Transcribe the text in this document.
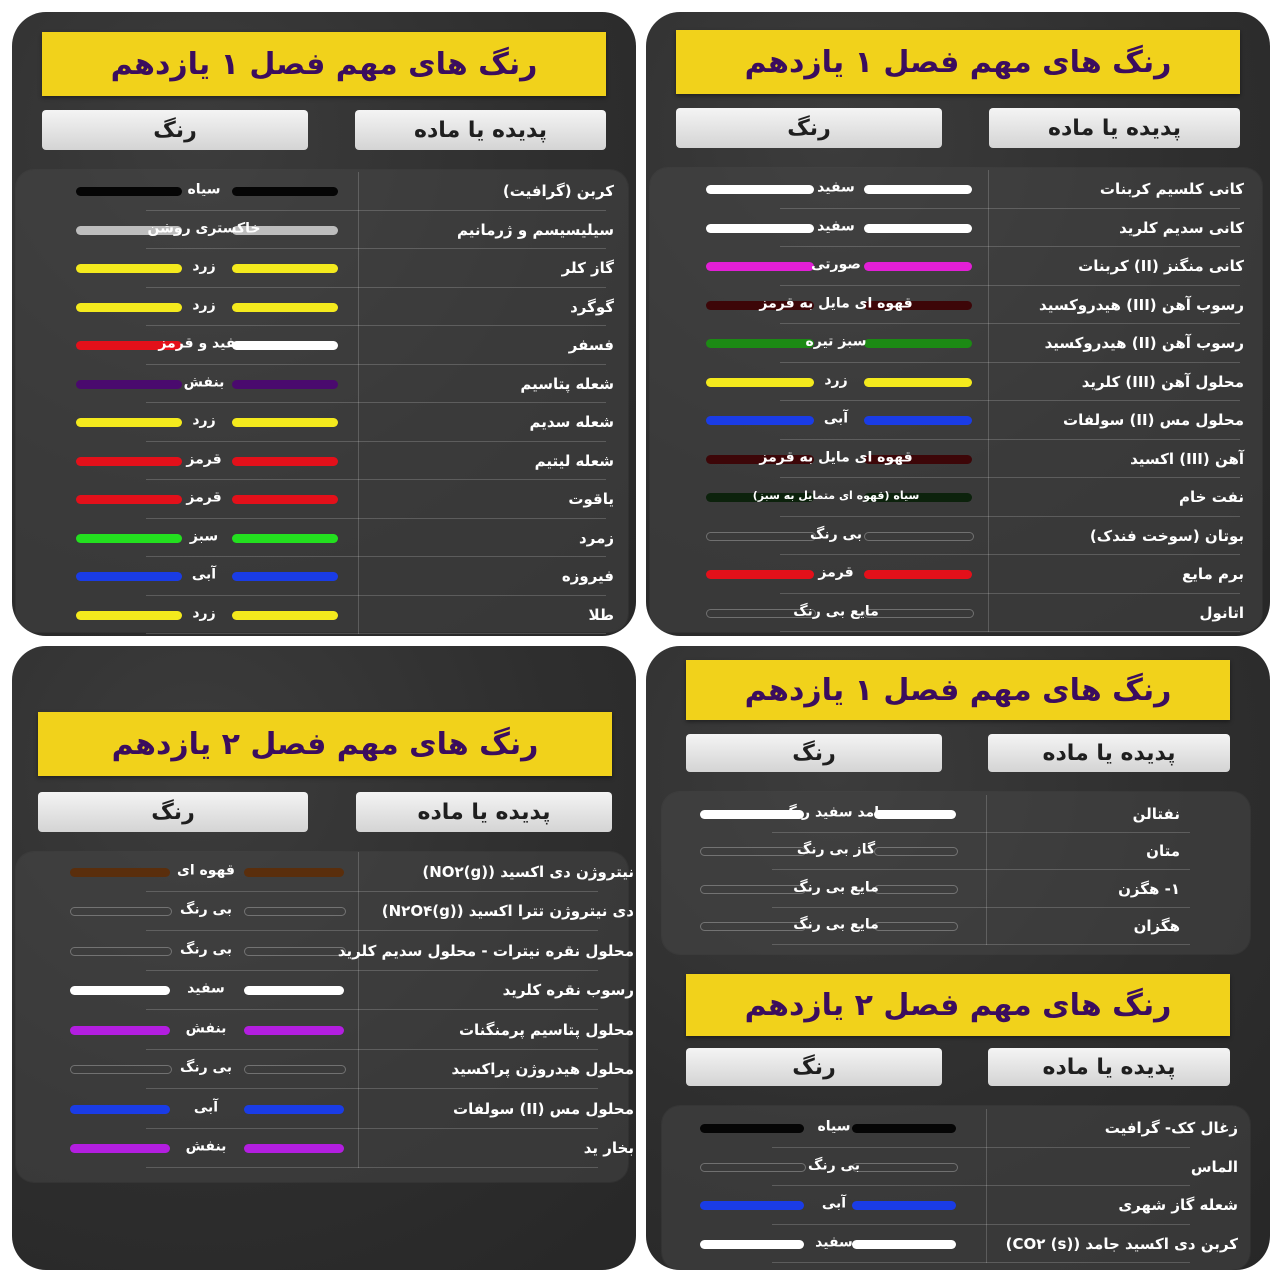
رنگ های مهم فصل ۱ یازدهم
پدیده یا ماده
رنگ
کربن (گرافیت)
سیاه
سیلیسیسم و ژرمانیم
خاکستری روشن
گاز کلر
زرد
گوگرد
زرد
فسفر
سفید و قرمز
شعله پتاسیم
بنفش
شعله سدیم
زرد
شعله لیتیم
قرمز
یاقوت
قرمز
زمرد
سبز
فیروزه
آبی
طلا
زرد
رنگ های مهم فصل ۱ یازدهم
پدیده یا ماده
رنگ
کانی کلسیم کربنات
سفید
کانی سدیم کلرید
سفید
کانی منگنز (II) کربنات
صورتی
رسوب آهن (III) هیدروکسید
قهوه ای مایل به قرمز
رسوب آهن (II) هیدروکسید
سبز تیره
محلول آهن (III) کلرید
زرد
محلول مس (II) سولفات
آبی
آهن (III) اکسید
قهوه ای مایل به قرمز
نفت خام
سیاه (قهوه ای متمایل به سبز)
بوتان (سوخت فندک)
بی رنگ
برم مایع
قرمز
اتانول
مایع بی رنگ
رنگ های مهم فصل ۲ یازدهم
پدیده یا ماده
رنگ
نیتروژن دی اکسید (NO۲(g))
قهوه ای
دی نیتروژن تترا اکسید (N۲O۴(g))
بی رنگ
محلول نقره نیترات - محلول سدیم کلرید
بی رنگ
رسوب نقره کلرید
سفید
محلول پتاسیم پرمنگنات
بنفش
محلول هیدروژن پراکسید
بی رنگ
محلول مس (II) سولفات
آبی
بخار ید
بنفش
رنگ های مهم فصل ۱ یازدهم
پدیده یا ماده
رنگ
نفتالن
جامد سفید رنگ
متان
گاز بی رنگ
۱- هگزن
مایع بی رنگ
هگزان
مایع بی رنگ
رنگ های مهم فصل ۲ یازدهم
پدیده یا ماده
رنگ
زغال کک- گرافیت
سیاه
الماس
بی رنگ
شعله گاز شهری
آبی
کربن دی اکسید جامد (CO۲ (s))
سفید
